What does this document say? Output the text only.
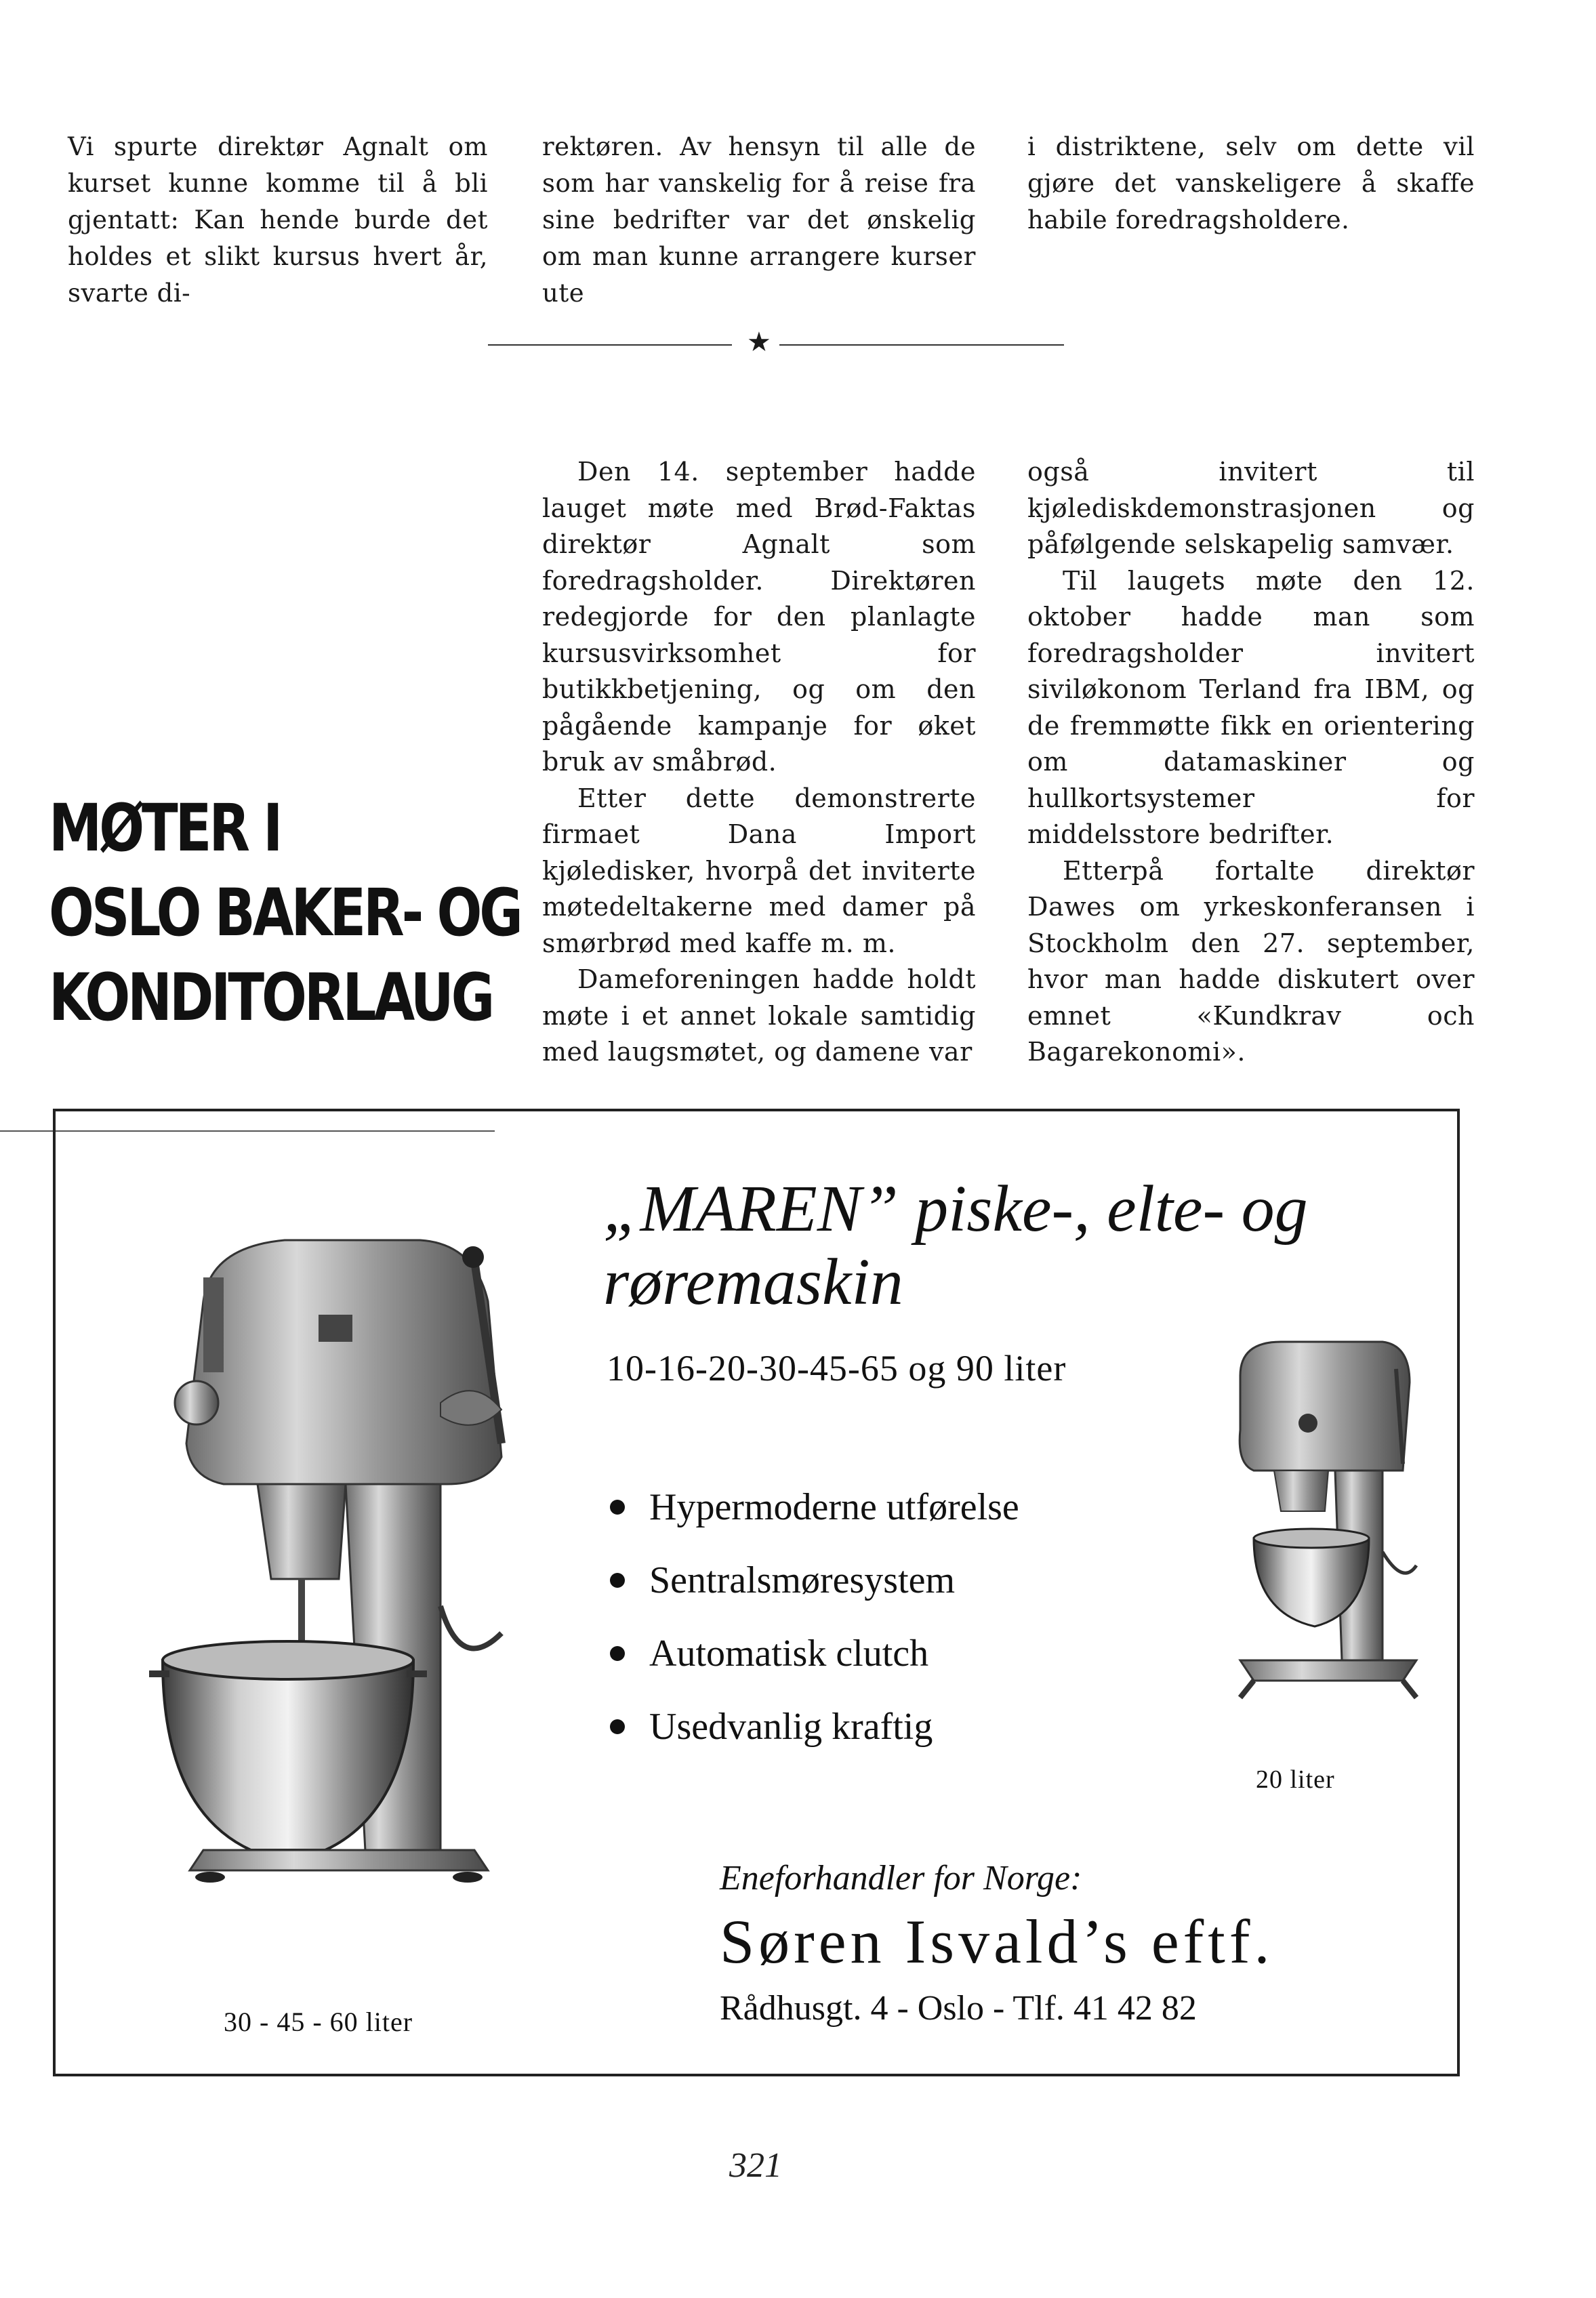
Vi spurte direktør Agnalt om kurset kunne komme til å bli gjentatt: Kan hende burde det holdes et slikt kursus hvert år, svarte di-

rektøren. Av hensyn til alle de som har vanskelig for å reise fra sine bedrifter var det ønskelig om man kunne arrangere kurser ute

i distriktene, selv om dette vil gjøre det vanskeligere å skaffe habile foredragsholdere.

★
MØTER I
OSLO BAKER- OG
KONDITORLAUG

Den 14. september hadde lauget møte med Brød-Faktas direktør Agnalt som foredragsholder. Direktøren redegjorde for den planlagte kursusvirksomhet for butikkbetjening, og om den pågående kampanje for øket bruk av småbrød.

Etter dette demonstrerte firmaet Dana Import kjøledisker, hvorpå det inviterte møtedeltakerne med damer på smørbrød med kaffe m. m.

Dameforeningen hadde holdt møte i et annet lokale samtidig med laugsmøtet, og damene var

også invitert til kjølediskdemonstrasjonen og påfølgende selskapelig samvær.

Til laugets møte den 12. oktober hadde man som foredragsholder invitert siviløkonom Terland fra IBM, og de fremmøtte fikk en orientering om datamaskiner og hullkortsystemer for middelsstore bedrifter.

Etterpå fortalte direktør Dawes om yrkeskonferansen i Stockholm den 27. september, hvor man hadde diskutert over emnet «Kundkrav och Bagarekonomi».

„MAREN” piske-, elte- og
røremaskin
10-16-20-30-45-65 og 90 liter
Hypermoderne utførelse
Sentralsmøresystem
Automatisk clutch
Usedvanlig kraftig
20 liter
30 - 45 - 60 liter
Eneforhandler for Norge:
Søren Isvald’s eftf.
Rådhusgt. 4 - Oslo - Tlf. 41 42 82
321
